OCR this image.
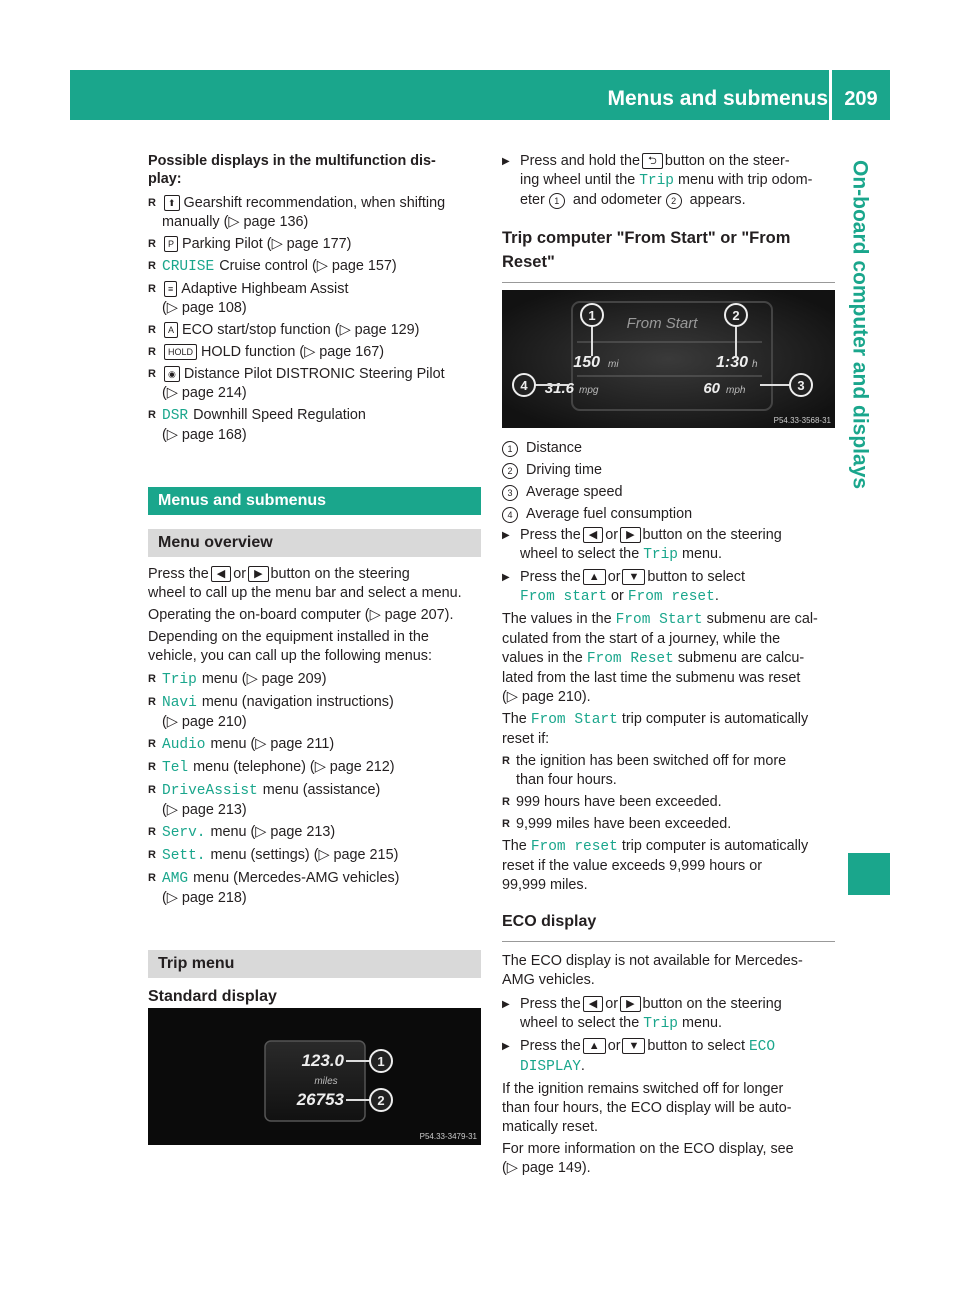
Menus and submenus 209
On-board computer and displays

Possible displays in the multifunction dis-
play:

R ⬆ Gearshift recommendation, when shifting
manually (▷ page 136)
R P Parking Pilot (▷ page 177)
R CRUISE Cruise control (▷ page 157)
R ≡ Adaptive Highbeam Assist
(▷ page 108)
R A ECO start/stop function (▷ page 129)
R HOLD HOLD function (▷ page 167)
R ◉ Distance Pilot DISTRONIC Steering Pilot
(▷ page 214)
R DSR Downhill Speed Regulation
(▷ page 168)
Menus and submenus
Menu overview

Press the ◀ or ▶ button on the steering
wheel to call up the menu bar and select a menu.

Operating the on-board computer (▷ page 207).

Depending on the equipment installed in the
vehicle, you can call up the following menus:

R Trip menu (▷ page 209)
R Navi menu (navigation instructions)
(▷ page 210)
R Audio menu (▷ page 211)
R Tel menu (telephone) (▷ page 212)
R DriveAssist menu (assistance)
(▷ page 213)
R Serv. menu (▷ page 213)
R Sett. menu (settings) (▷ page 215)
R AMG menu (Mercedes-AMG vehicles)
(▷ page 218)
Trip menu
Standard display
123.0
miles
26753
1
2
P54.33-3479-31

▶ Press and hold the ⮌ button on the steer-
ing wheel until the Trip menu with trip odom-
eter 1 and odometer 2 appears.

Trip computer "From Start" or "From
Reset"
From Start
150 mi	1:30 h
31.6 mpg	60 mph
1	2
3
4
P54.33-3568-31
1 Distance
2 Driving time
3 Average speed
4 Average fuel consumption

▶ Press the ◀ or ▶ button on the steering
wheel to select the Trip menu.

▶ Press the ▲ or ▼ button to select
From start or From reset.

The values in the From Start submenu are cal-
culated from the start of a journey, while the
values in the From Reset submenu are calcu-
lated from the last time the submenu was reset
(▷ page 210).

The From Start trip computer is automatically
reset if:

R the ignition has been switched off for more
than four hours.
R 999 hours have been exceeded.
R 9,999 miles have been exceeded.

The From reset trip computer is automatically
reset if the value exceeds 9,999 hours or
99,999 miles.

ECO display

The ECO display is not available for Mercedes-
AMG vehicles.

▶ Press the ◀ or ▶ button on the steering
wheel to select the Trip menu.

▶ Press the ▲ or ▼ button to select ECO
DISPLAY.

If the ignition remains switched off for longer
than four hours, the ECO display will be auto-
matically reset.

For more information on the ECO display, see
(▷ page 149).
